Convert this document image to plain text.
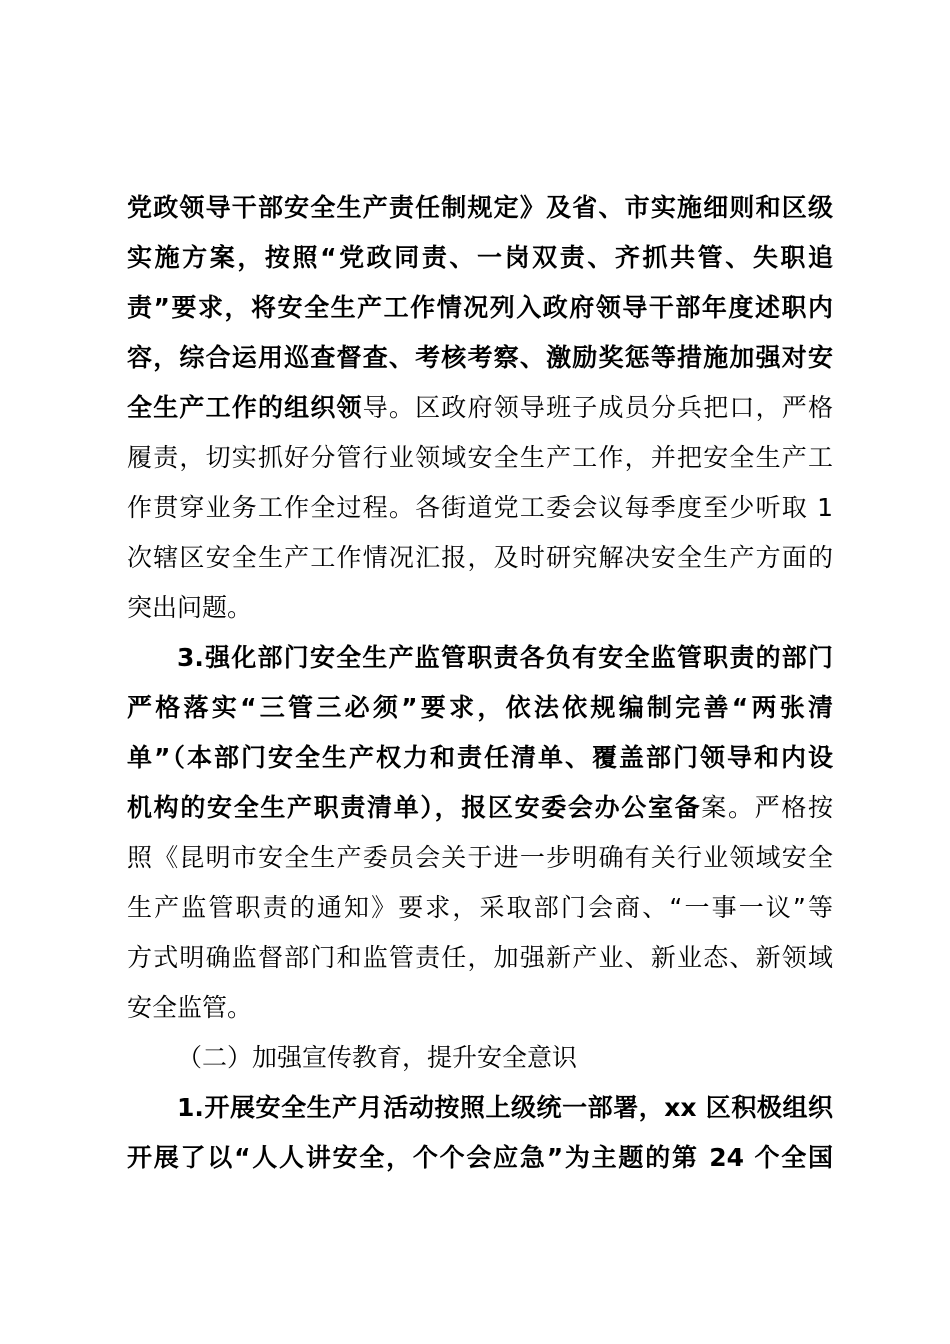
党政领导干部安全生产责任制规定》及省、市实施细则和区级
实施方案，按照“党政同责、一岗双责、齐抓共管、失职追
责”要求，将安全生产工作情况列入政府领导干部年度述职内
容，综合运用巡查督查、考核考察、激励奖惩等措施加强对安
全生产工作的组织领导。区政府领导班子成员分兵把口，严格
履责，切实抓好分管行业领域安全生产工作，并把安全生产工
作贯穿业务工作全过程。各街道党工委会议每季度至少听取 1
次辖区安全生产工作情况汇报，及时研究解决安全生产方面的
突出问题。
3.强化部门安全生产监管职责各负有安全监管职责的部门
严格落实“三管三必须”要求，依法依规编制完善“两张清
单”（本部门安全生产权力和责任清单、覆盖部门领导和内设
机构的安全生产职责清单），报区安委会办公室备案。严格按
照《昆明市安全生产委员会关于进一步明确有关行业领域安全
生产监管职责的通知》要求，采取部门会商、“一事一议”等
方式明确监督部门和监管责任，加强新产业、新业态、新领域
安全监管。
（二）加强宣传教育，提升安全意识
1.开展安全生产月活动按照上级统一部署，xx 区积极组织
开展了以“人人讲安全，个个会应急”为主题的第 24 个全国
